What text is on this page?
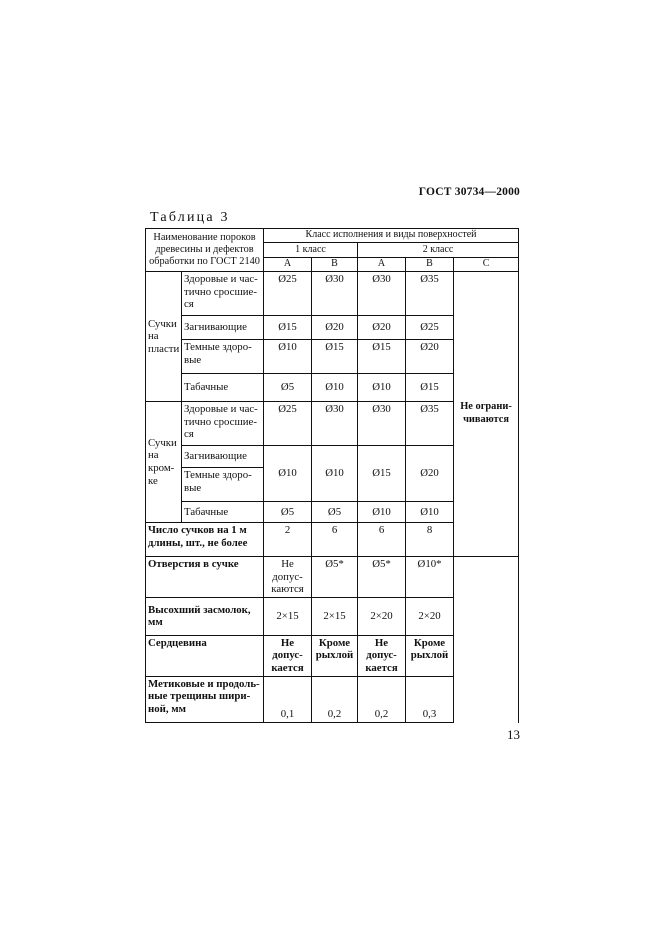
ГОСТ 30734—2000
Таблица 3
Наименование пороков древесины и дефектов обработки по ГОСТ 2140		Класс исполнения и виды поверхностей					
		1 класс		2 класс			
		А	В	А	В	С	
Сучки на пласти	Здоровые и час- тично сросшие- ся	Ø25	Ø30	Ø30	Ø35	Не ограни- чиваются	
	Загнивающие	Ø15	Ø20	Ø20	Ø25		
	Темные здоро- вые	Ø10	Ø15	Ø15	Ø20		
	Табачные	Ø5	Ø10	Ø10	Ø15		
Сучки на кром- ке	Здоровые и час- тично сросшие- ся	Ø25	Ø30	Ø30	Ø35		
	Загнивающие	Ø10	Ø10	Ø15	Ø20		
	Темные здоро- вые						
	Табачные	Ø5	Ø5	Ø10	Ø10		
Число сучков на 1 м длины, шт., не более		2	6	6	8		
Отверстия в сучке		Не допус- каются	Ø5*	Ø5*	Ø10*		
Высохший засмолок, мм		2×15	2×15	2×20	2×20		
Сердцевина		Не допус- кается	Кроме рыхлой	Не допус- кается	Кроме рыхлой		
Метиковые и продоль- ные трещины шири- ной, мм		0,1	0,2	0,2	0,3		
13
